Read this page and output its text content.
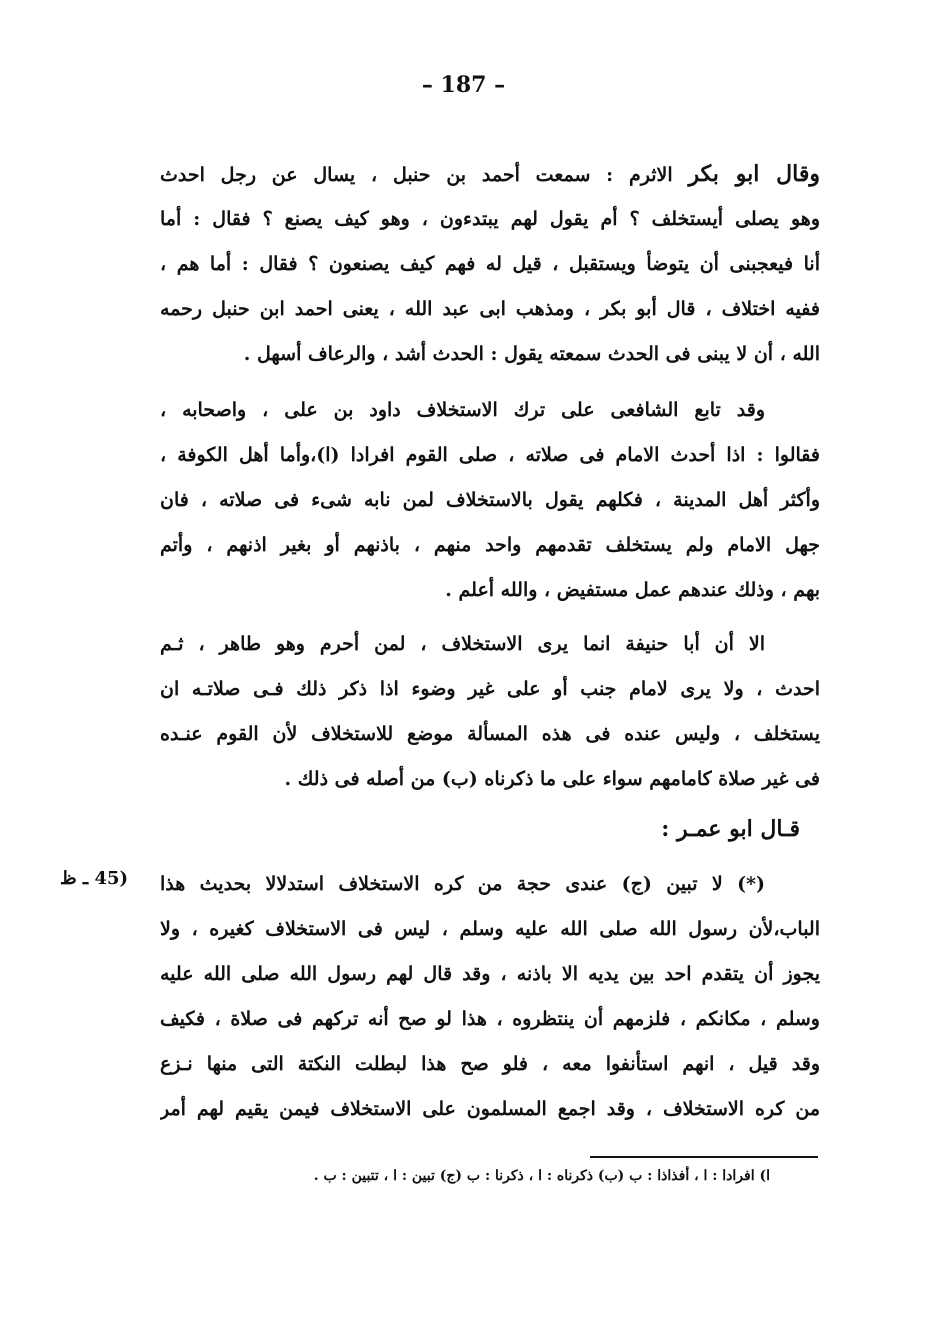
– 187 –
وقال ابو بكر الاثرم : سمعت أحمد بن حنبل ، يسال عن رجل احدث
وهو يصلى أيستخلف ؟ أم يقول لهم يبتدءون ، وهو كيف يصنع ؟ فقال : أما
أنا فيعجبنى أن يتوضأ ويستقبل ، قيل له فهم كيف يصنعون ؟ فقال : أما هم ،
ففيه اختلاف ، قال أبو بكر ، ومذهب ابى عبد الله ، يعنى احمد ابن حنبل رحمه
الله ، أن لا يبنى فى الحدث سمعته يقول : الحدث أشد ، والرعاف أسهل .
وقد تابع الشافعى على ترك الاستخلاف داود بن على ، واصحابه ،
فقالوا : اذا أحدث الامام فى صلاته ، صلى القوم افرادا (ا)،وأما أهل الكوفة ،
وأكثر أهل المدينة ، فكلهم يقول بالاستخلاف لمن نابه شىء فى صلاته ، فان
جهل الامام ولم يستخلف تقدمهم واحد منهم ، باذنهم أو بغير اذنهم ، وأتم
بهم ، وذلك عندهم عمل مستفيض ، والله أعلم .
الا أن أبا حنيفة انما يرى الاستخلاف ، لمن أحرم وهو طاهر ، ثـم
احدث ، ولا يرى لامام جنب أو على غير وضوء اذا ذكر ذلك فـى صلاتـه ان
يستخلف ، وليس عنده فى هذه المسألة موضع للاستخلاف لأن القوم عنـده
فى غير صلاة كامامهم سواء على ما ذكرناه (ب) من أصله فى ذلك .
قـال ابو عمـر :
(45 ـ ظ	(*) لا تبين (ج) عندى حجة من كره الاستخلاف استدلالا بحديث هذا
الباب،لأن رسول الله صلى الله عليه وسلم ، ليس فى الاستخلاف كغيره ، ولا
يجوز أن يتقدم احد بين يديه الا باذنه ، وقد قال لهم رسول الله صلى الله عليه
وسلم ، مكانكم ، فلزمهم أن ينتظروه ، هذا لو صح أنه تركهم فى صلاة ، فكيف
وقد قيل ، انهم استأنفوا معه ، فلو صح هذا لبطلت النكتة التى منها نـزع
من كره الاستخلاف ، وقد اجمع المسلمون على الاستخلاف فيمن يقيم لهم أمر
ا) افرادا : ا ، أفذاذا : ب (ب) ذكرناه : ا ، ذكرنا : ب (ج) تبين : ا ، تتبين : ب .
